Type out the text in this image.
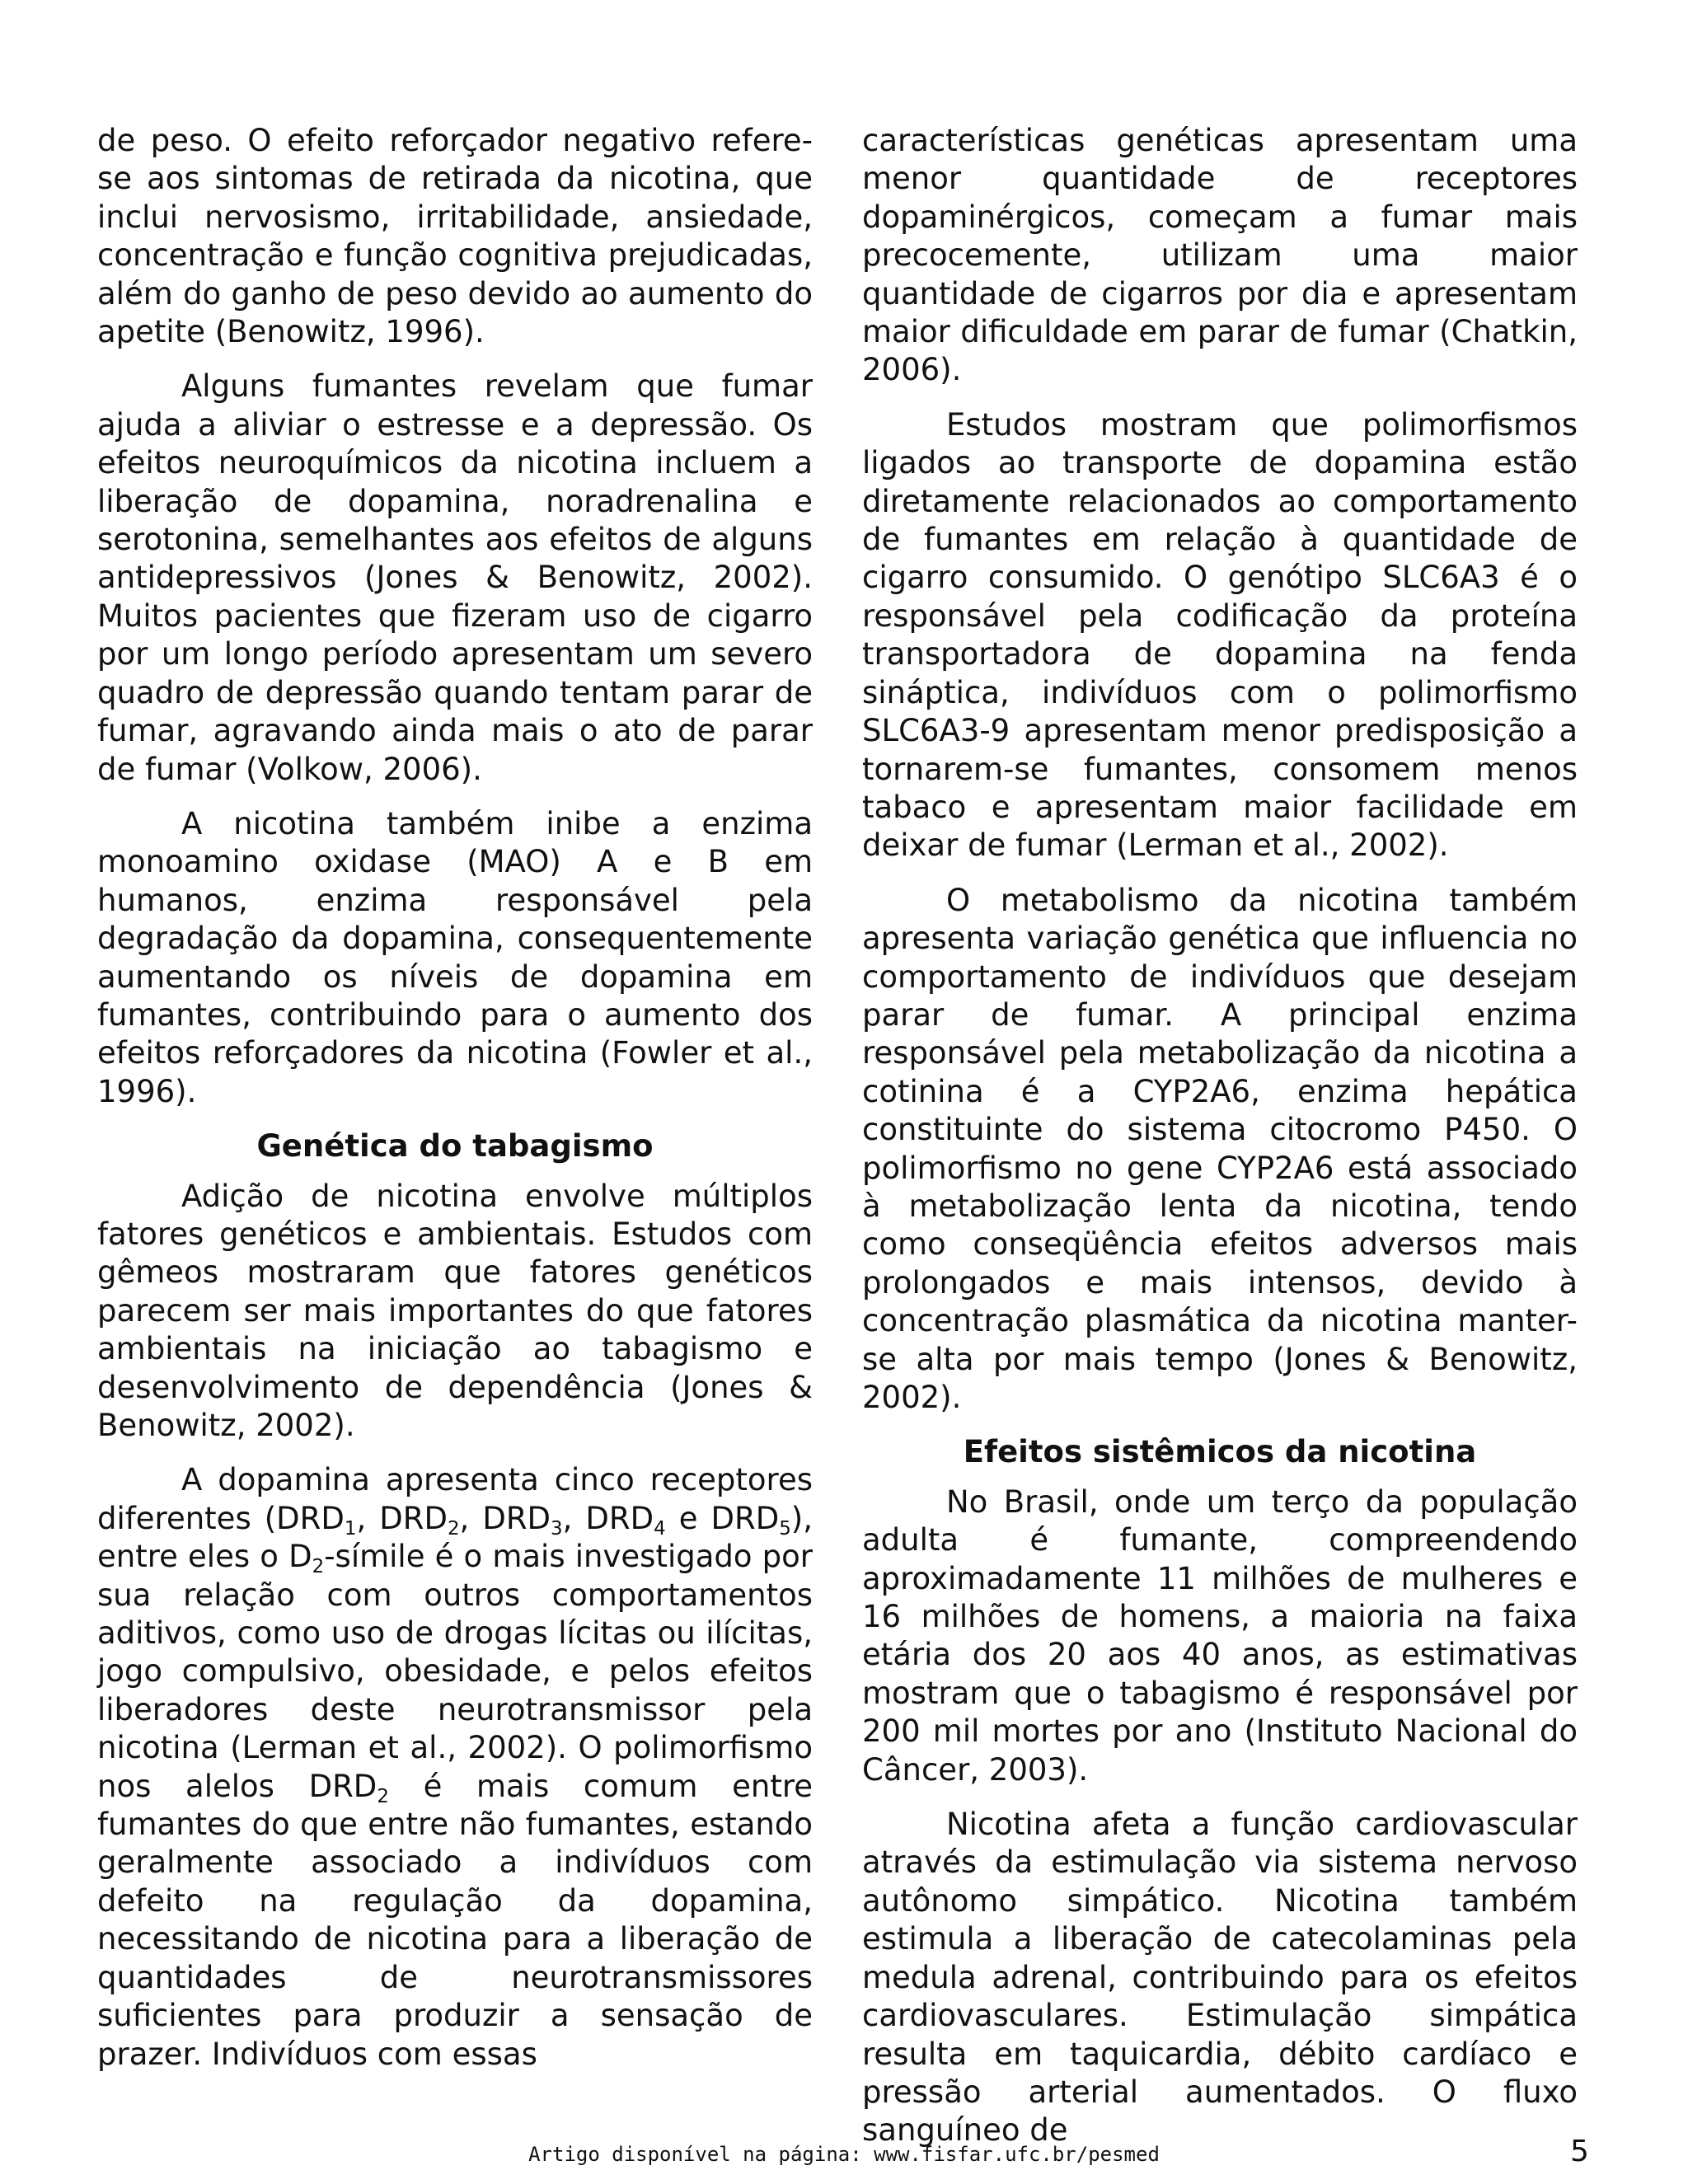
de peso. O efeito reforçador negativo refere-se aos sintomas de retirada da nicotina, que inclui nervosismo, irritabilidade, ansiedade, concentração e função cognitiva prejudicadas, além do ganho de peso devido ao aumento do apetite (Benowitz, 1996).

Alguns fumantes revelam que fumar ajuda a aliviar o estresse e a depressão. Os efeitos neuroquímicos da nicotina incluem a liberação de dopamina, noradrenalina e serotonina, semelhantes aos efeitos de alguns antidepressivos (Jones & Benowitz, 2002). Muitos pacientes que fizeram uso de cigarro por um longo período apresentam um severo quadro de depressão quando tentam parar de fumar, agravando ainda mais o ato de parar de fumar (Volkow, 2006).

A nicotina também inibe a enzima monoamino oxidase (MAO) A e B em humanos, enzima responsável pela degradação da dopamina, consequentemente aumentando os níveis de dopamina em fumantes, contribuindo para o aumento dos efeitos reforçadores da nicotina (Fowler et al., 1996).

Genética do tabagismo

Adição de nicotina envolve múltiplos fatores genéticos e ambientais. Estudos com gêmeos mostraram que fatores genéticos parecem ser mais importantes do que fatores ambientais na iniciação ao tabagismo e desenvolvimento de dependência (Jones & Benowitz, 2002).

A dopamina apresenta cinco receptores diferentes ($DRD_1$, $DRD_2$, $DRD_3$, $DRD_4$ e $DRD_5$), entre eles o $D_2$-símile é o mais investigado por sua relação com outros comportamentos aditivos, como uso de drogas lícitas ou ilícitas, jogo compulsivo, obesidade, e pelos efeitos liberadores deste neurotransmissor pela nicotina (Lerman et al., 2002). O polimorfismo nos alelos $DRD_2$ é mais comum entre fumantes do que entre não fumantes, estando geralmente associado a indivíduos com defeito na regulação da dopamina, necessitando de nicotina para a liberação de quantidades de neurotransmissores suficientes para produzir a sensação de prazer. Indivíduos com essas

características genéticas apresentam uma menor quantidade de receptores dopaminérgicos, começam a fumar mais precocemente, utilizam uma maior quantidade de cigarros por dia e apresentam maior dificuldade em parar de fumar (Chatkin, 2006).

Estudos mostram que polimorfismos ligados ao transporte de dopamina estão diretamente relacionados ao comportamento de fumantes em relação à quantidade de cigarro consumido. O genótipo SLC6A3 é o responsável pela codificação da proteína transportadora de dopamina na fenda sináptica, indivíduos com o polimorfismo SLC6A3-9 apresentam menor predisposição a tornarem-se fumantes, consomem menos tabaco e apresentam maior facilidade em deixar de fumar (Lerman et al., 2002).

O metabolismo da nicotina também apresenta variação genética que influencia no comportamento de indivíduos que desejam parar de fumar. A principal enzima responsável pela metabolização da nicotina a cotinina é a CYP2A6, enzima hepática constituinte do sistema citocromo P450. O polimorfismo no gene CYP2A6 está associado à metabolização lenta da nicotina, tendo como conseqüência efeitos adversos mais prolongados e mais intensos, devido à concentração plasmática da nicotina manter-se alta por mais tempo (Jones & Benowitz, 2002).

Efeitos sistêmicos da nicotina

No Brasil, onde um terço da população adulta é fumante, compreendendo aproximadamente 11 milhões de mulheres e 16 milhões de homens, a maioria na faixa etária dos 20 aos 40 anos, as estimativas mostram que o tabagismo é responsável por 200 mil mortes por ano (Instituto Nacional do Câncer, 2003).

Nicotina afeta a função cardiovascular através da estimulação via sistema nervoso autônomo simpático. Nicotina também estimula a liberação de catecolaminas pela medula adrenal, contribuindo para os efeitos cardiovasculares. Estimulação simpática resulta em taquicardia, débito cardíaco e pressão arterial aumentados. O fluxo sanguíneo de

Artigo disponível na página: www.fisfar.ufc.br/pesmed	5
